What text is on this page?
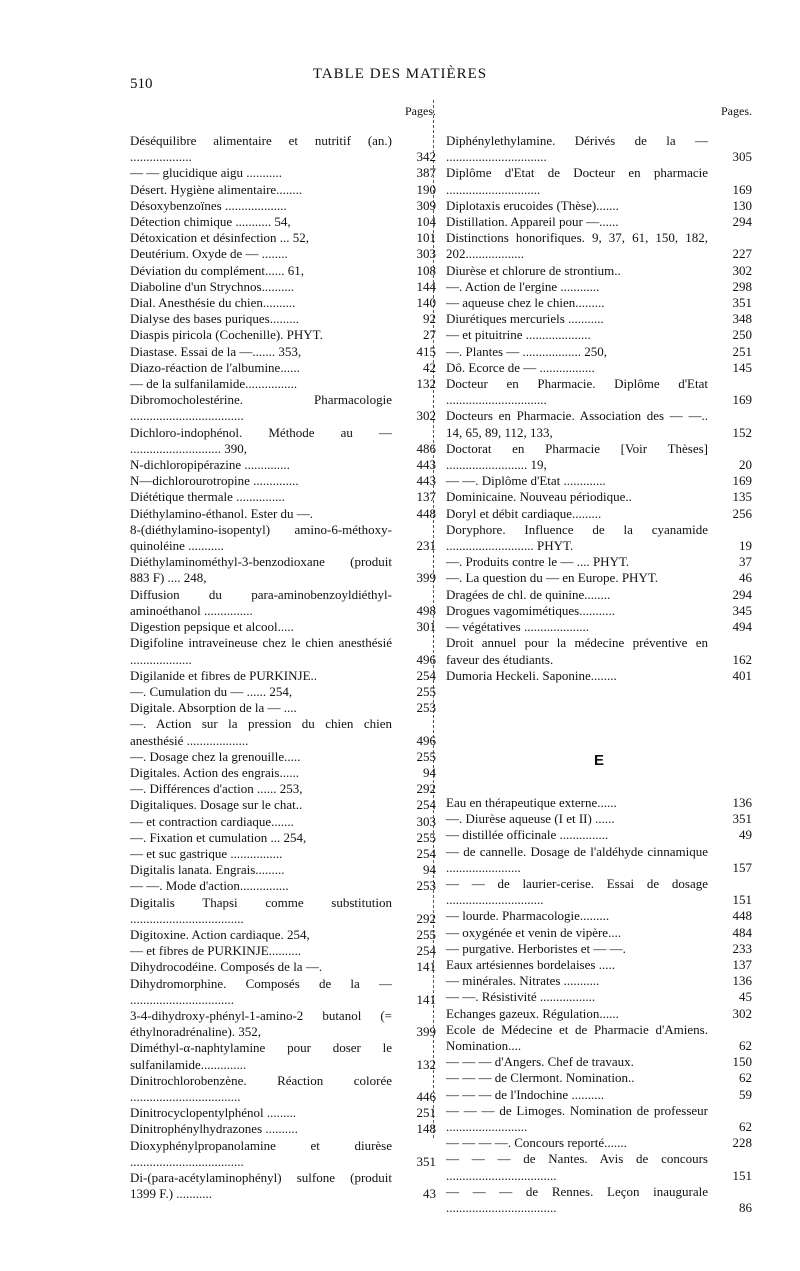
510
TABLE DES MATIÈRES
Pages.
Déséquilibre alimentaire et nutritif (an.) ...................	342
— — glucidique aigu ...........	387
Désert. Hygiène alimentaire........	190
Désoxybenzoïnes ...................	309
Détection chimique ........... 54,	104
Détoxication et désinfection ... 52,	101
Deutérium. Oxyde de — ........	303
Déviation du complément...... 61,	108
Diaboline d'un Strychnos..........	144
Dial. Anesthésie du chien..........	140
Dialyse des bases puriques.........	92
Diaspis piricola (Cochenille). PHYT.	27
Diastase. Essai de la —....... 353,	415
Diazo-réaction de l'albumine......	42
— de la sulfanilamide................	132
Dibromocholestérine. Pharmacologie ...................................	302
Dichloro-indophénol. Méthode au — ............................ 390,	486
N-dichloropipérazine ..............	443
N—dichlorourotropine ..............	443
Diététique thermale ...............	137
Diéthylamino-éthanol. Ester du —.	448
8-(diéthylamino-isopentyl) amino-6-méthoxy-quinoléine ...........	231
Diéthylaminométhyl-3-benzodioxane (produit 883 F) .... 248,	399
Diffusion du para-aminobenzoyldiéthyl-aminoéthanol ...............	498
Digestion pepsique et alcool.....	301
Digifoline intraveineuse chez le chien anesthésié ...................	496
Digilanide et fibres de PURKINJE..	254
—. Cumulation du — ...... 254,	255
Digitale. Absorption de la — ....	253
—. Action sur la pression du chien chien anesthésié ...................	496
—. Dosage chez la grenouille.....	255
Digitales. Action des engrais......	94
—. Différences d'action ...... 253,	292
Digitaliques. Dosage sur le chat..	254
— et contraction cardiaque.......	303
—. Fixation et cumulation ... 254,	255
— et suc gastrique ................	254
Digitalis lanata. Engrais.........	94
— —. Mode d'action...............	253
Digitalis Thapsi comme substitution ...................................	292
Digitoxine. Action cardiaque. 254,	255
— et fibres de PURKINJE..........	254
Dihydrocodéine. Composés de la —.	141
Dihydromorphine. Composés de la — ................................	141
3-4-dihydroxy-phényl-1-amino-2 butanol (= éthylnoradrénaline). 352,	399
Diméthyl-α-naphtylamine pour doser le sulfanilamide..............	132
Dinitrochlorobenzène. Réaction colorée ..................................	446
Dinitrocyclopentylphénol .........	251
Dinitrophénylhydrazones ..........	148
Dioxyphénylpropanolamine et diurèse ...................................	351
Di-(para-acétylaminophényl) sulfone (produit 1399 F.) ...........	43
Pages.
Diphénylethylamine. Dérivés de la — ...............................	305
Diplôme d'Etat de Docteur en pharmacie .............................	169
Diplotaxis erucoides (Thèse).......	130
Distillation. Appareil pour —......	294
Distinctions honorifiques. 9, 37, 61, 150, 182, 202..................	227
Diurèse et chlorure de strontium..	302
—. Action de l'ergine ............	298
— aqueuse chez le chien.........	351
Diurétiques mercuriels ...........	348
— et pituitrine ....................	250
—. Plantes — .................. 250,	251
Dô. Ecorce de — .................	145
Docteur en Pharmacie. Diplôme d'Etat ...............................	169
Docteurs en Pharmacie. Association des — —.. 14, 65, 89, 112, 133,	152
Doctorat en Pharmacie [Voir Thèses] ......................... 19,	20
— —. Diplôme d'Etat .............	169
Dominicaine. Nouveau périodique..	135
Doryl et débit cardiaque.........	256
Doryphore. Influence de la cyanamide ........................... PHYT.	19
—. Produits contre le — .... PHYT.	37
—. La question du — en Europe. PHYT.	46
Dragées de chl. de quinine........	294
Drogues vagomimétiques...........	345
— végétatives ....................	494
Droit annuel pour la médecine préventive en faveur des étudiants.	162
Dumoria Heckeli. Saponine........	401
E
Eau en thérapeutique externe......	136
—. Diurèse aqueuse (I et II) ......	351
— distillée officinale ...............	49
— de cannelle. Dosage de l'aldéhyde cinnamique .......................	157
— — de laurier-cerise. Essai de dosage ..............................	151
— lourde. Pharmacologie.........	448
— oxygénée et venin de vipère....	484
— purgative. Herboristes et — —.	233
Eaux artésiennes bordelaises .....	137
— minérales. Nitrates ...........	136
— —. Résistivité .................	45
Echanges gazeux. Régulation......	302
Ecole de Médecine et de Pharmacie d'Amiens. Nomination....	62
— — — d'Angers. Chef de travaux.	150
— — — de Clermont. Nomination..	62
— — — de l'Indochine ..........	59
— — — de Limoges. Nomination de professeur .........................	62
— — — —. Concours reporté.......	228
— — — de Nantes. Avis de concours ..................................	151
— — — de Rennes. Leçon inaugurale ..................................	86
